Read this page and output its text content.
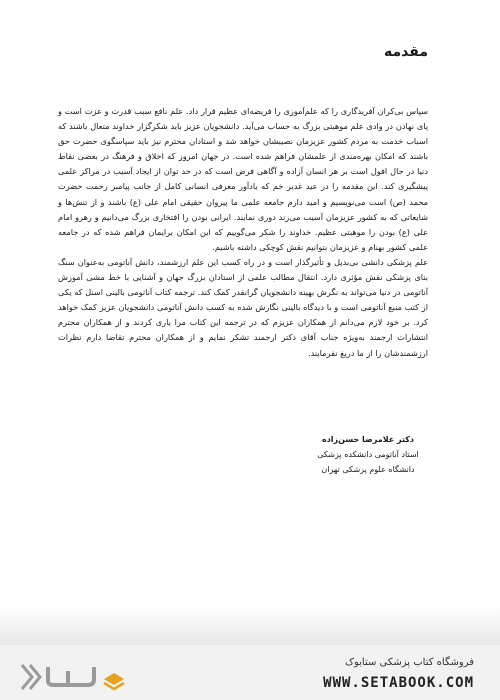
مقدمه

سپاس بی‌کران آفریدگاری را که علم‌آموزی را فریضه‌ای عظیم قرار داد. علم نافع سبب قدرت و عزت است و پای نهادن در وادی علم موهبتی بزرگ به حساب می‌آید. دانشجویان عزیز باید شکرگزار خداوند متعال باشند که اسباب خدمت به مردم کشور عزیزمان نصیبشان خواهد شد و استادان محترم نیز باید سپاسگوی حضرت حق باشند که امکان بهره‌مندی از علمشان فراهم شده است. در جهان امروز که اخلاق و فرهنگ در بعضی نقاط دنیا در حال افول است بر هر انسان آزاده و آگاهی فرض است که در حد توان از ایجاد آسیب در مراکز علمی پیشگیری کند. این مقدمه را در عید غدیر خم که یادآور معرفی انسانی کامل از جانب پیامبر رحمت حضرت محمد (ص) است می‌نویسیم و امید دارم جامعه علمی ما پیروان حقیقی امام علی (ع) باشند و از تنش‌ها و شایعاتی که به کشور عزیزمان آسیب می‌زند دوری نمایند. ایرانی بودن را افتخاری بزرگ می‌دانیم و رهرو امام علی (ع) بودن را موهبتی عظیم. خداوند را شکر می‌گوییم که این امکان برایمان فراهم شده که در جامعه علمی کشور بهنام و عزیزمان بتوانیم نقش کوچکی داشته باشیم.

علم پزشکی دانشی بی‌بدیل و تأثیرگذار است و در راه کسب این علم ارزشمند، دانش آناتومی به‌عنوان سنگ بنای پزشکی نقش مؤثری دارد. انتقال مطالب علمی از استادان بزرگ جهان و آشنایی با خط مشی آموزش آناتومی در دنیا می‌تواند به نگرش بهینه دانشجویان گرانقدر کمک کند. ترجمه کتاب آناتومی بالینی اسنل که یکی از کتب منبع آناتومی است و با دیدگاه بالینی نگارش شده به کسب دانش آناتومی دانشجویان عزیز کمک خواهد کرد. بر خود لازم می‌دانم از همکاران عزیزم که در ترجمه این کتاب مرا یاری کردند و از همکاران محترم انتشارات ارجمند به‌ویژه جناب آقای دکتر ارجمند تشکر نمایم و از همکاران محترم تقاضا دارم نظرات ارزشمندشان را از ما دریغ نفرمایند.

دکتر غلامرضا حسن‌زاده
استاد آناتومی دانشکده پزشکی
دانشگاه علوم پزشکی تهران
فروشگاه کتاب پزشکی ستابوک
WWW.SETABOOK.COM
